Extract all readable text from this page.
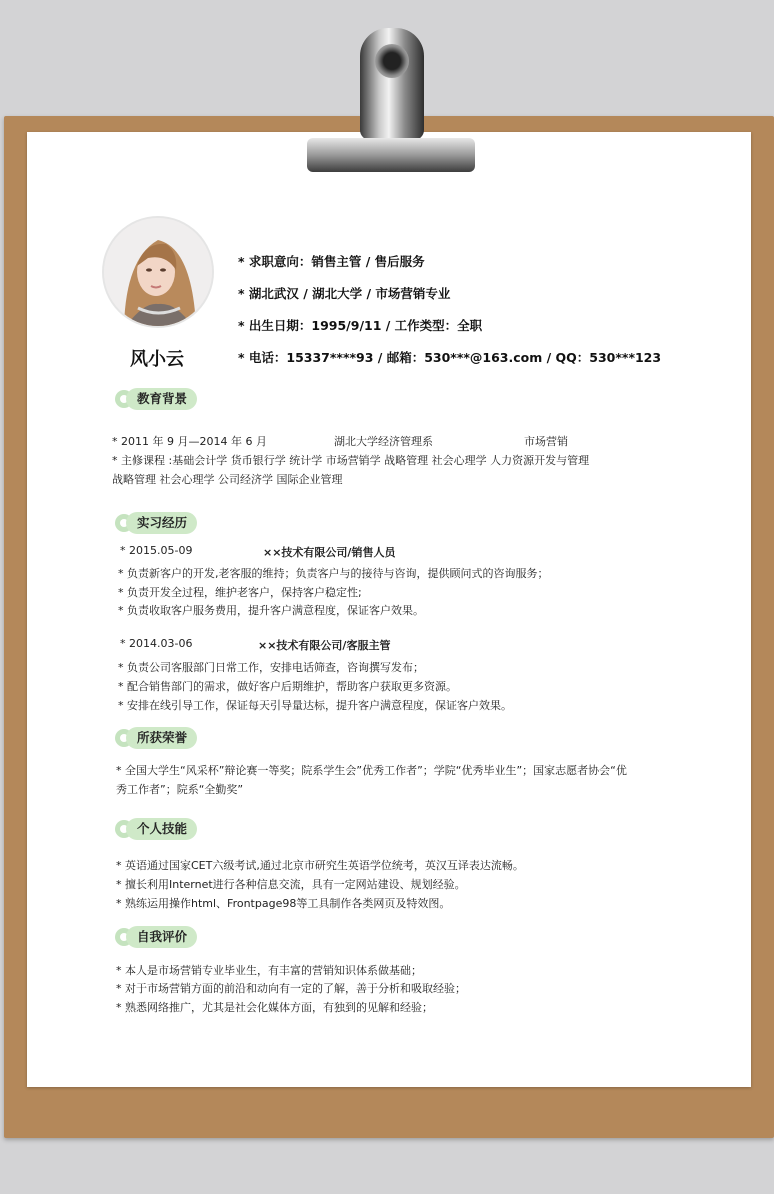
风小云
* 求职意向：销售主管 / 售后服务
* 湖北武汉 / 湖北大学 / 市场营销专业
* 出生日期：1995/9/11 / 工作类型：全职
* 电话：15337****93 / 邮箱：530***@163.com / QQ：530***123
教育背景
* 2011 年 9 月—2014 年 6 月	湖北大学经济管理系	市场营销
* 主修课程 :基础会计学 货币银行学 统计学 市场营销学 战略管理 社会心理学 人力资源开发与管理
战略管理 社会心理学 公司经济学 国际企业管理
实习经历
* 2015.05-09	××技术有限公司/销售人员
* 负责新客户的开发,老客服的维持；负责客户与的接待与咨询，提供顾问式的咨询服务；
* 负责开发全过程，维护老客户，保持客户稳定性;
* 负责收取客户服务费用，提升客户满意程度，保证客户效果。
* 2014.03-06	××技术有限公司/客服主管
* 负责公司客服部门日常工作，安排电话筛查，咨询撰写发布；
* 配合销售部门的需求，做好客户后期维护，帮助客户获取更多资源。
* 安排在线引导工作，保证每天引导量达标，提升客户满意程度，保证客户效果。
所获荣誉
* 全国大学生“风采杯”辩论赛一等奖；院系学生会”优秀工作者”；学院“优秀毕业生”；国家志愿者协会“优
秀工作者”；院系“全勤奖”
个人技能
* 英语通过国家CET六级考试,通过北京市研究生英语学位统考，英汉互译表达流畅。
* 擅长利用Internet进行各种信息交流，具有一定网站建设、规划经验。
* 熟练运用操作html、Frontpage98等工具制作各类网页及特效图。
自我评价
* 本人是市场营销专业毕业生，有丰富的营销知识体系做基础；
* 对于市场营销方面的前沿和动向有一定的了解，善于分析和吸取经验；
* 熟悉网络推广，尤其是社会化媒体方面，有独到的见解和经验；
